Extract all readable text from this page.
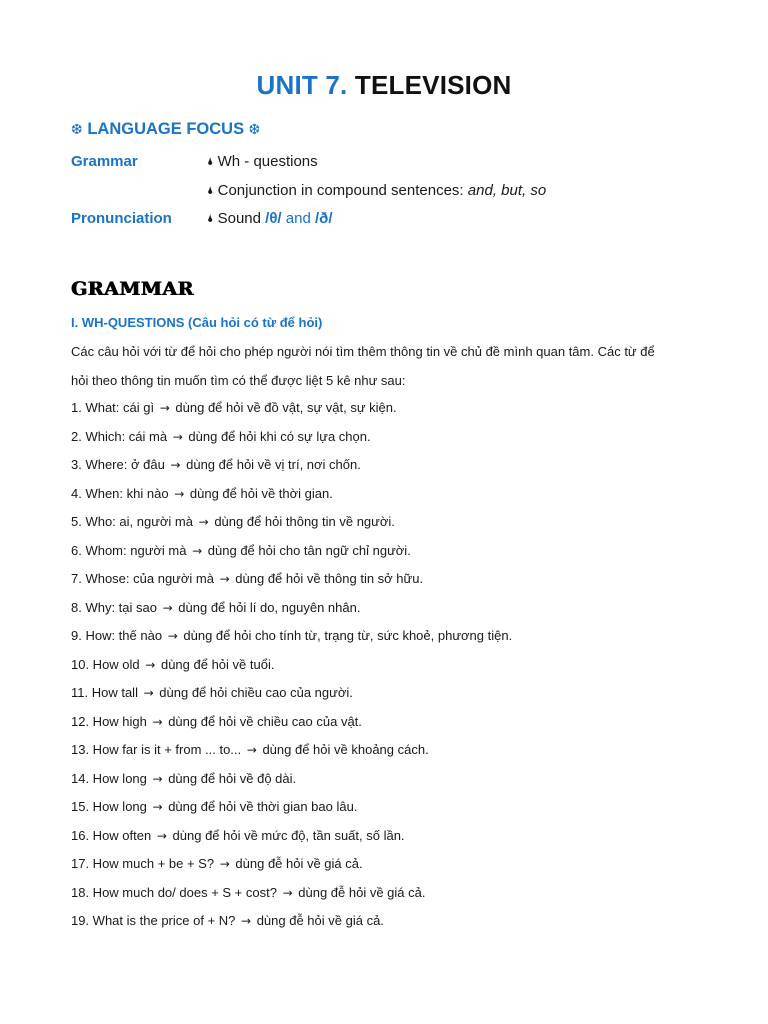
UNIT 7. TELEVISION
❆ LANGUAGE FOCUS ❆
Grammar	🌢 Wh - questions
🌢 Conjunction in compound sentences: and, but, so
Pronunciation	🌢 Sound /θ/ and /ð/
GRAMMAR
I. WH-QUESTIONS (Câu hỏi có từ để hỏi)
Các câu hỏi với từ để hỏi cho phép người nói tìm thêm thông tin về chủ đề mình quan tâm. Các từ để
hỏi theo thông tin muốn tìm có thể được liệt 5 kê như sau:
1. What: cái gì → dùng để hỏi về đồ vật, sự vật, sự kiện.
2. Which: cái mà → dùng để hỏi khi có sự lựa chọn.
3. Where: ở đâu → dùng để hỏi về vị trí, nơi chốn.
4. When: khi nào → dùng để hỏi về thời gian.
5. Who: ai, người mà → dùng để hỏi thông tin về người.
6. Whom: người mà → dùng để hỏi cho tân ngữ chỉ người.
7. Whose: của người mà → dùng để hỏi về thông tin sở hữu.
8. Why: tại sao → dùng để hỏi lí do, nguyên nhân.
9. How: thế nào → dùng để hỏi cho tính từ, trạng từ, sức khoẻ, phương tiện.
10. How old → dùng để hỏi về tuổi.
11. How tall → dùng để hỏi chiều cao của người.
12. How high → dùng để hỏi về chiều cao của vật.
13. How far is it + from ... to... → dùng để hỏi về khoảng cách.
14. How long → dùng để hỏi về độ dài.
15. How long → dùng để hỏi về thời gian bao lâu.
16. How often → dùng để hỏi về mức độ, tần suất, số lần.
17. How much + be + S? → dùng đễ hỏi về giá cả.
18. How much do/ does + S + cost? → dùng đễ hỏi về giá cả.
19. What is the price of + N? → dùng đễ hỏi về giá cả.
